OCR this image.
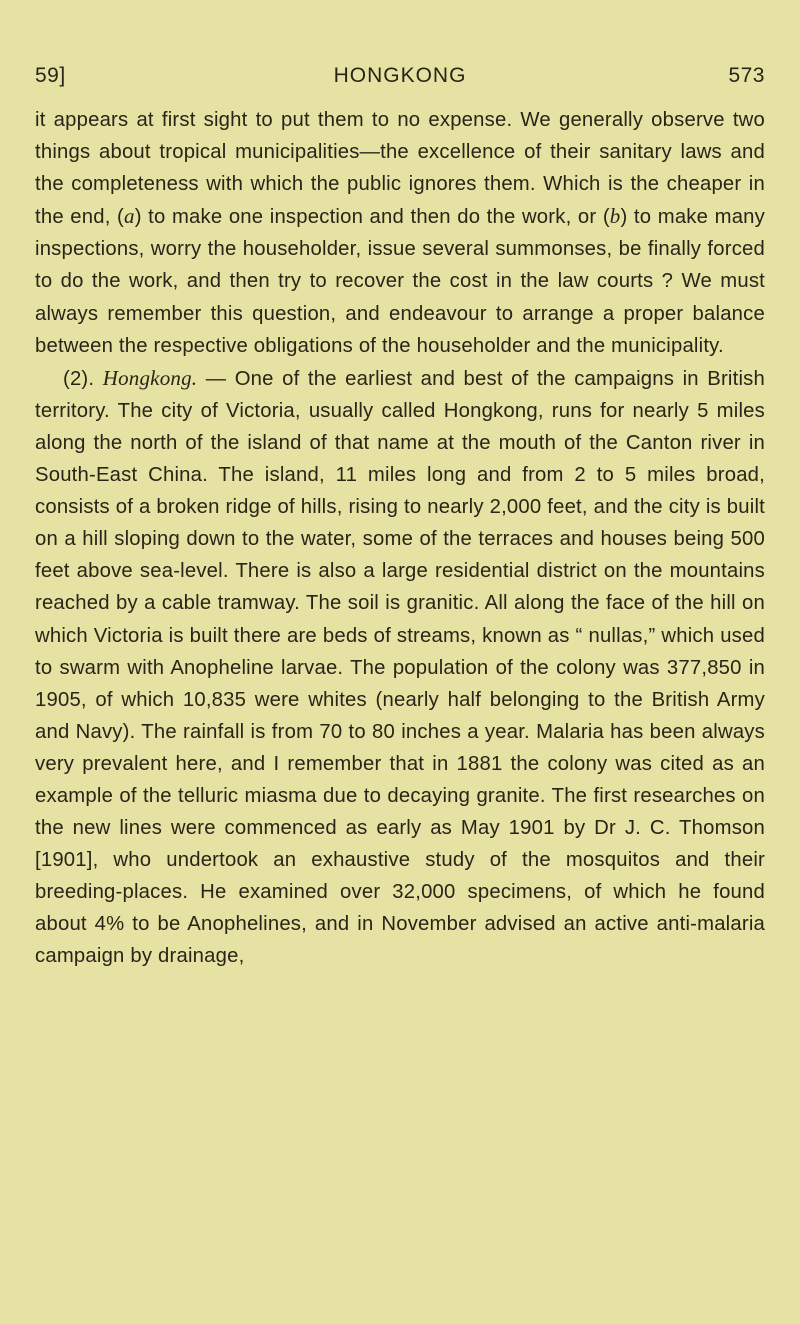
59]	HONGKONG	573

it appears at first sight to put them to no expense. We generally observe two things about tropical municipalities—the excellence of their sanitary laws and the completeness with which the public ignores them. Which is the cheaper in the end, (a) to make one inspection and then do the work, or (b) to make many inspections, worry the householder, issue several summonses, be finally forced to do the work, and then try to recover the cost in the law courts ? We must always remember this question, and endeavour to arrange a proper balance between the respective obligations of the householder and the municipality.

(2). Hongkong. — One of the earliest and best of the campaigns in British territory. The city of Victoria, usually called Hongkong, runs for nearly 5 miles along the north of the island of that name at the mouth of the Canton river in South-East China. The island, 11 miles long and from 2 to 5 miles broad, consists of a broken ridge of hills, rising to nearly 2,000 feet, and the city is built on a hill sloping down to the water, some of the terraces and houses being 500 feet above sea-level. There is also a large residential district on the mountains reached by a cable tramway. The soil is granitic. All along the face of the hill on which Victoria is built there are beds of streams, known as “ nullas,” which used to swarm with Anopheline larvae. The population of the colony was 377,850 in 1905, of which 10,835 were whites (nearly half belonging to the British Army and Navy). The rainfall is from 70 to 80 inches a year. Malaria has been always very prevalent here, and I remember that in 1881 the colony was cited as an example of the telluric miasma due to decaying granite. The first researches on the new lines were commenced as early as May 1901 by Dr J. C. Thomson [1901], who undertook an exhaustive study of the mosquitos and their breeding-places. He examined over 32,000 specimens, of which he found about 4% to be Anophelines, and in November advised an active anti-malaria campaign by drainage,
